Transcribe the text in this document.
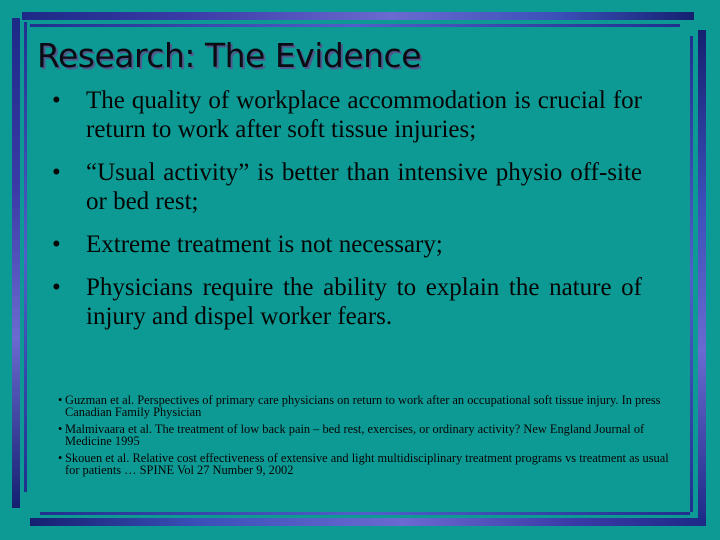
Research: The Evidence
• The quality of workplace accommodation is crucial for return to work after soft tissue injuries;
• “Usual activity” is better than intensive physio off-site or bed rest;
• Extreme treatment is not necessary;
• Physicians require the ability to explain the nature of injury and dispel worker fears.
• Guzman et al. Perspectives of primary care physicians on return to work after an occupational soft tissue injury. In press Canadian Family Physician
• Malmivaara et al. The treatment of low back pain – bed rest, exercises, or ordinary activity? New England Journal of Medicine 1995
• Skouen et al. Relative cost effectiveness of extensive and light multidisciplinary treatment programs vs treatment as usual for patients … SPINE Vol 27 Number 9, 2002
